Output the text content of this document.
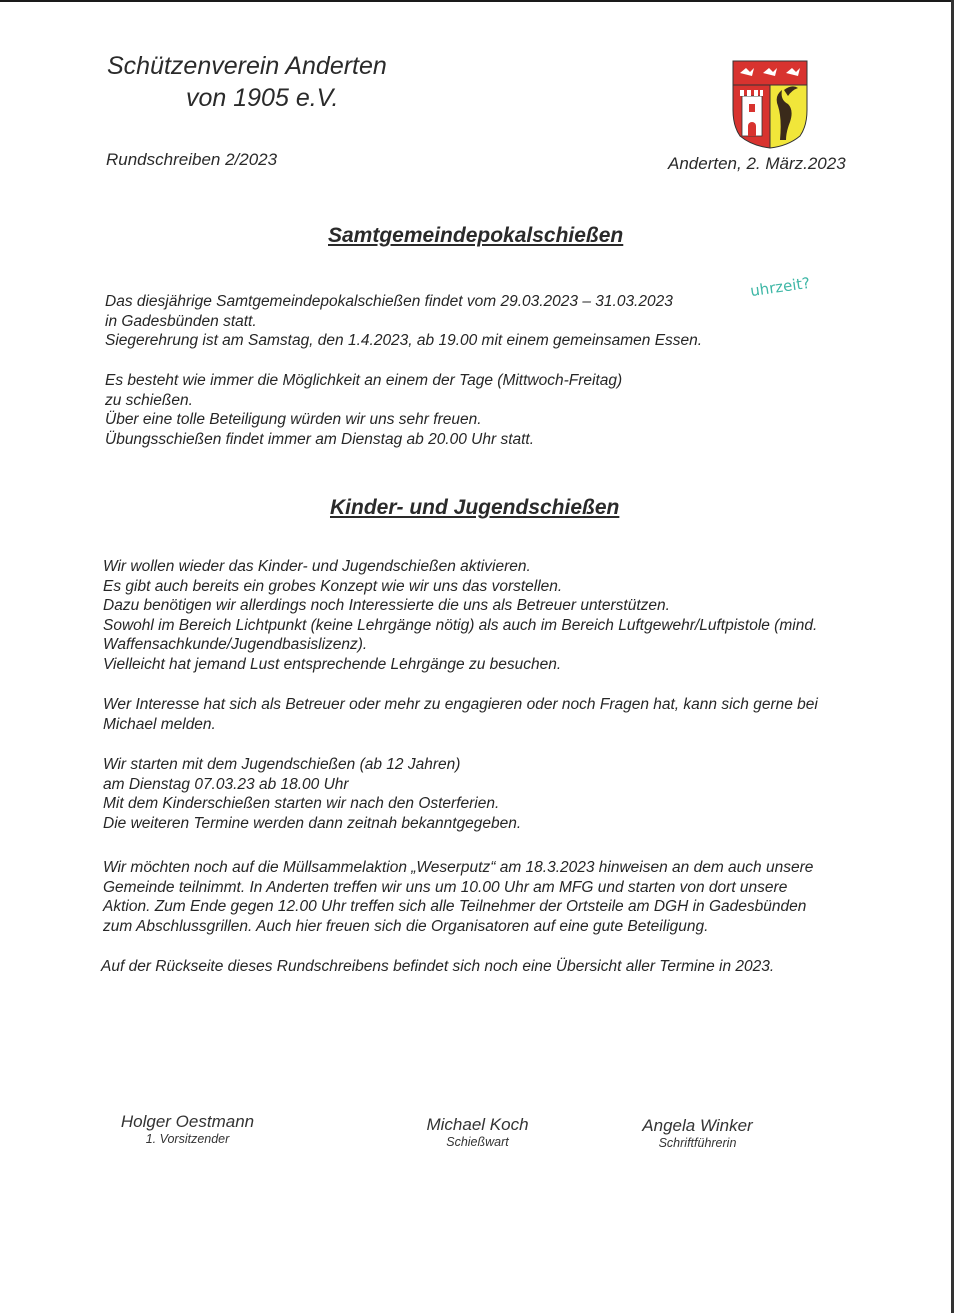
Schützenverein Anderten
von 1905 e.V.
Rundschreiben 2/2023	Anderten, 2. März.2023
Samtgemeindepokalschießen
Das diesjährige Samtgemeindepokalschießen findet vom 29.03.2023 – 31.03.2023
in Gadesbünden statt.
Siegerehrung ist am Samstag, den 1.4.2023, ab 19.00 mit einem gemeinsamen Essen.
uhrzeit?
Es besteht wie immer die Möglichkeit an einem der Tage (Mittwoch-Freitag)
zu schießen.
Über eine tolle Beteiligung würden wir uns sehr freuen.
Übungsschießen findet immer am Dienstag ab 20.00 Uhr statt.
Kinder- und Jugendschießen
Wir wollen wieder das Kinder- und Jugendschießen aktivieren.
Es gibt auch bereits ein grobes Konzept wie wir uns das vorstellen.
Dazu benötigen wir allerdings noch Interessierte die uns als Betreuer unterstützen.
Sowohl im Bereich Lichtpunkt (keine Lehrgänge nötig) als auch im Bereich Luftgewehr/Luftpistole (mind.
Waffensachkunde/Jugendbasislizenz).
Vielleicht hat jemand Lust entsprechende Lehrgänge zu besuchen.
Wer Interesse hat sich als Betreuer oder mehr zu engagieren oder noch Fragen hat, kann sich gerne bei
Michael melden.
Wir starten mit dem Jugendschießen (ab 12 Jahren)
am Dienstag 07.03.23 ab 18.00 Uhr
Mit dem Kinderschießen starten wir nach den Osterferien.
Die weiteren Termine werden dann zeitnah bekanntgegeben.
Wir möchten noch auf die Müllsammelaktion „Weserputz“ am 18.3.2023 hinweisen an dem auch unsere
Gemeinde teilnimmt. In Anderten treffen wir uns um 10.00 Uhr am MFG und starten von dort unsere
Aktion. Zum Ende gegen 12.00 Uhr treffen sich alle Teilnehmer der Ortsteile am DGH in Gadesbünden
zum Abschlussgrillen. Auch hier freuen sich die Organisatoren auf eine gute Beteiligung.
Auf der Rückseite dieses Rundschreibens befindet sich noch eine Übersicht aller Termine in 2023.
Holger Oestmann
1. Vorsitzender
Michael Koch
Schießwart
Angela Winker
Schriftführerin
